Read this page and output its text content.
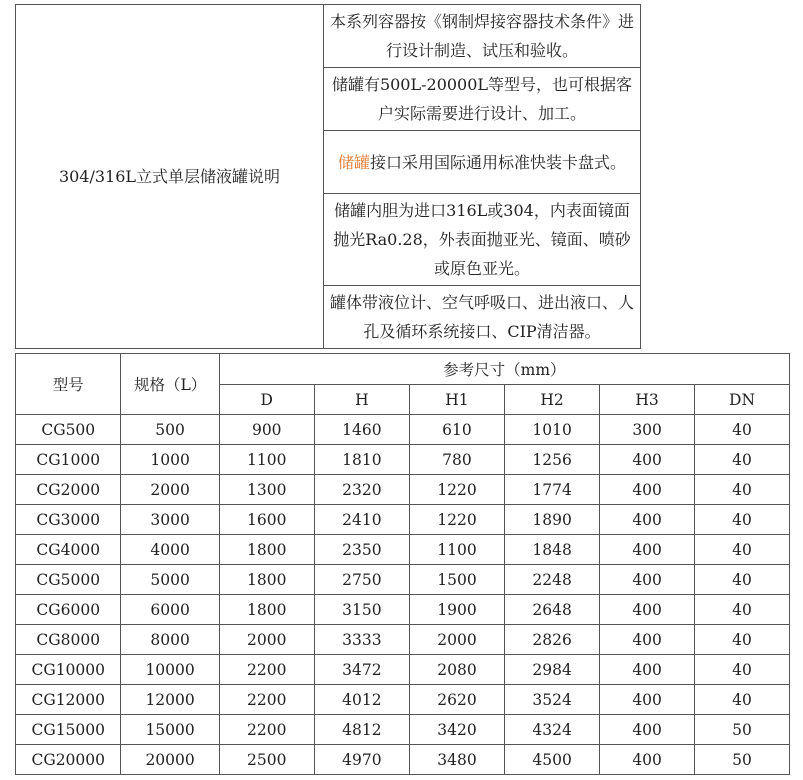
304/316L立式单层储液罐说明	本系列容器按《钢制焊接容器技术条件》进行设计制造、试压和验收。
储罐有500L-20000L等型号，也可根据客户实际需要进行设计、加工。
储罐接口采用国际通用标准快装卡盘式。
储罐内胆为进口316L或304，内表面镜面抛光Ra0.28，外表面抛亚光、镜面、喷砂或原色亚光。
罐体带液位计、空气呼吸口、进出液口、人孔及循环系统接口、CIP清洁器。
型号	规格（L）	参考尺寸（mm）					
		D	H	H1	H2	H3	DN
CG500	500	900	1460	610	1010	300	40
CG1000	1000	1100	1810	780	1256	400	40
CG2000	2000	1300	2320	1220	1774	400	40
CG3000	3000	1600	2410	1220	1890	400	40
CG4000	4000	1800	2350	1100	1848	400	40
CG5000	5000	1800	2750	1500	2248	400	40
CG6000	6000	1800	3150	1900	2648	400	40
CG8000	8000	2000	3333	2000	2826	400	40
CG10000	10000	2200	3472	2080	2984	400	40
CG12000	12000	2200	4012	2620	3524	400	40
CG15000	15000	2200	4812	3420	4324	400	50
CG20000	20000	2500	4970	3480	4500	400	50
